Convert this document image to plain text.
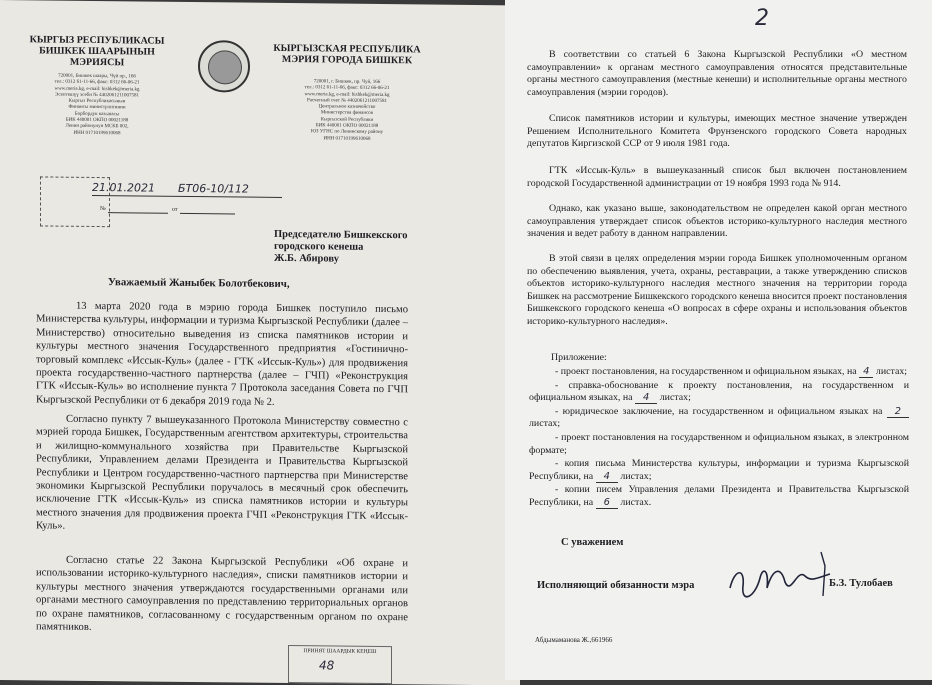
КЫРГЫЗ РЕСПУБЛИКАСЫ
БИШКЕК ШААРЫНЫН
МЭРИЯСЫ
720001, Бишкек шаары, Чүй пр., 166
тел.: 0312 61-11-66, факс: 0312 66-06-21
www.meria.kg, e-mail: bishkek@meria.kg
Эсептешүү эсеби № 4402061211007581
Кыргыз Республикасынын
Финансы министрлигинин
Борбордук казынасы
БИК 440001 ОКПО 00021188
Ленин районунун МСКБ 002,
ИНН 01710199610068
КЫРГЫЗСКАЯ РЕСПУБЛИКА
МЭРИЯ ГОРОДА БИШКЕК
720001, г. Бишкек, пр. Чуй, 166
тел.: 0312 61-11-66, факс: 0312 66-06-21
www.meria.kg, e-mail: bishkek@meria.kg
Расчетный счет № 4402061211007581
Центральное казначейство
Министерства финансов
Кыргызской Республики
БИК 440001 ОКПО 00021188
ЮЗ УГНС по Ленинскому району
ИНН 01710199610068
21.01.2021 БТ06-10/112
№	от
Председателю Бишкекского
городского кенеша
Ж.Б. Абирову
Уважаемый Жаныбек Болотбекович,
13 марта 2020 года в мэрию города Бишкек поступило письмо Министерства культуры, информации и туризма Кыргызской Республики (далее – Министерство) относительно выведения из списка памятников истории и культуры местного значения Государственного предприятия «Гостинично-торговый комплекс «Иссык-Куль» (далее - ГТК «Иссык-Куль») для продвижения проекта государственно-частного партнерства (далее – ГЧП) «Реконструкция ГТК «Иссык-Куль» во исполнение пункта 7 Протокола заседания Совета по ГЧП Кыргызской Республики от 6 декабря 2019 года № 2.
Согласно пункту 7 вышеуказанного Протокола Министерству совместно с мэрией города Бишкек, Государственным агентством архитектуры, строительства и жилищно-коммунального хозяйства при Правительстве Кыргызской Республики, Управлением делами Президента и Правительства Кыргызской Республики и Центром государственно-частного партнерства при Министерстве экономики Кыргызской Республики поручалось в месячный срок обеспечить исключение ГТК «Иссык-Куль» из списка памятников истории и культуры местного значения для продвижения проекта ГЧП «Реконструкция ГТК «Иссык-Куль».
Согласно статье 22 Закона Кыргызской Республики «Об охране и использовании историко-культурного наследия», списки памятников истории и культуры местного значения утверждаются государственными органами или органами местного самоуправления по представлению территориальных органов по охране памятников, согласованному с государственным органом по охране памятников.
ПРИНЯТ ШААРДЫК КЕҢЕШ
48
2
В соответствии со статьей 6 Закона Кыргызской Республики «О местном самоуправлении» к органам местного самоуправления относятся представительные органы местного самоуправления (местные кенеши) и исполнительные органы местного самоуправления (мэрии городов).
Список памятников истории и культуры, имеющих местное значение утвержден Решением Исполнительного Комитета Фрунзенского городского Совета народных депутатов Киргизской ССР от 9 июля 1981 года.
ГТК «Иссык-Куль» в вышеуказанный список был включен постановлением городской Государственной администрации от 19 ноября 1993 года № 914.
Однако, как указано выше, законодательством не определен какой орган местного самоуправления утверждает список объектов историко-культурного наследия местного значения и ведет работу в данном направлении.
В этой связи в целях определения мэрии города Бишкек уполномоченным органом по обеспечению выявления, учета, охраны, реставрации, а также утверждению списков объектов историко-культурного наследия местного значения на территории города Бишкек на рассмотрение Бишкекского городского кенеша вносится проект постановления Бишкекского городского кенеша «О вопросах в сфере охраны и использования объектов историко-культурного наследия».
Приложение:
- проект постановления, на государственном и официальном языках, на 4 листах;
- справка-обоснование к проекту постановления, на государственном и официальном языках, на 4 листах;
- юридическое заключение, на государственном и официальном языках на 2 листах;
- проект постановления на государственном и официальном языках, в электронном формате;
- копия письма Министерства культуры, информации и туризма Кыргызской Республики, на 4 листах;
- копии писем Управления делами Президента и Правительства Кыргызской Республики, на 6 листах.
С уважением
Исполняющий обязанности мэра	Б.З. Тулобаев
Абдымаманова Ж.,661966
